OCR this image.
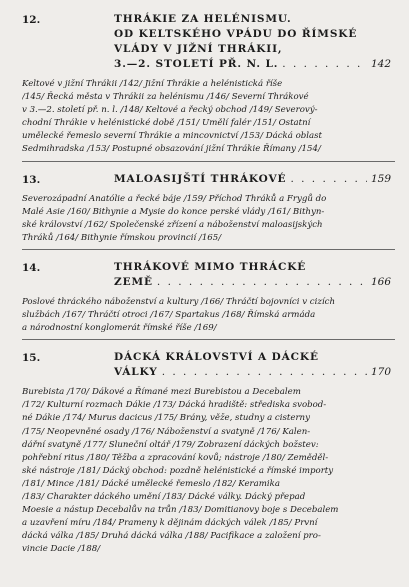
12.	THRÁKIE ZA HELÉNISMU.
OD KELTSKÉHO VPÁDU DO ŘÍMSKÉ
VLÁDY V JIŽNÍ THRÁKII,
3.—2. STOLETÍ PŘ. N. L. . . .	142
Keltové v jižní Thrákii /142/ Jižní Thrákie a helénistická říše
/145/ Řecká města v Thrákii za helénismu /146/ Severní Thrákové
v 3.—2. století př. n. l. /148/ Keltové a řecký obchod /149/ Severový-
chodní Thrákie v helénistické době /151/ Umělí falér /151/ Ostatní
umělecké řemeslo severní Thrákie a mincovnictví /153/ Dácká oblast
Sedmihradska /153/ Postupné obsazování jižní Thrákie Římany /154/
13.	MALOASIJŠTÍ THRÁKOVÉ . . .	159
Severozápadní Anatólie a řecké báje /159/ Příchod Thráků a Frygů do
Malé Asie /160/ Bithynie a Mysie do konce perské vlády /161/ Bithyn-
ské království /162/ Společenské zřízení a náboženství maloasijských
Thráků /164/ Bithynie římskou provincií /165/
14.	THRÁKOVÉ MIMO THRÁCKÉ
ZEMĚ . . .	166
Poslové thráckého náboženství a kultury /166/ Thráčtí bojovníci v cizích
službách /167/ Thráčtí otroci /167/ Spartakus /168/ Římská armáda
a národnostní konglomerát římské říše /169/
15.	DÁCKÁ KRÁLOVSTVÍ A DÁCKÉ
VÁLKY . . .	170
Burebista /170/ Dákové a Římané mezi Burebistou a Decebalem
/172/ Kulturní rozmach Dákie /173/ Dácká hradiště: střediska svobod-
né Dákie /174/ Murus dacicus /175/ Brány, věže, studny a cisterny
/175/ Neopevněné osady /176/ Náboženství a svatyně /176/ Kalen-
dářní svatyně /177/ Sluneční oltář /179/ Zobrazení dáckých božstev:
pohřební ritus /180/ Těžba a zpracování kovů; nástroje /180/ Zeměděl-
ské nástroje /181/ Dácký obchod: pozdně helénistické a římské importy
/181/ Mince /181/ Dácké umělecké řemeslo /182/ Keramika
/183/ Charakter dáckého umění /183/ Dácké války. Dácký přepad
Moesie a nástup Decebalův na trůn /183/ Domitianovy boje s Decebalem
a uzavření míru /184/ Prameny k dějinám dáckých válek /185/ První
dácká válka /185/ Druhá dácká válka /188/ Pacifikace a založení pro-
vincie Dacie /188/
